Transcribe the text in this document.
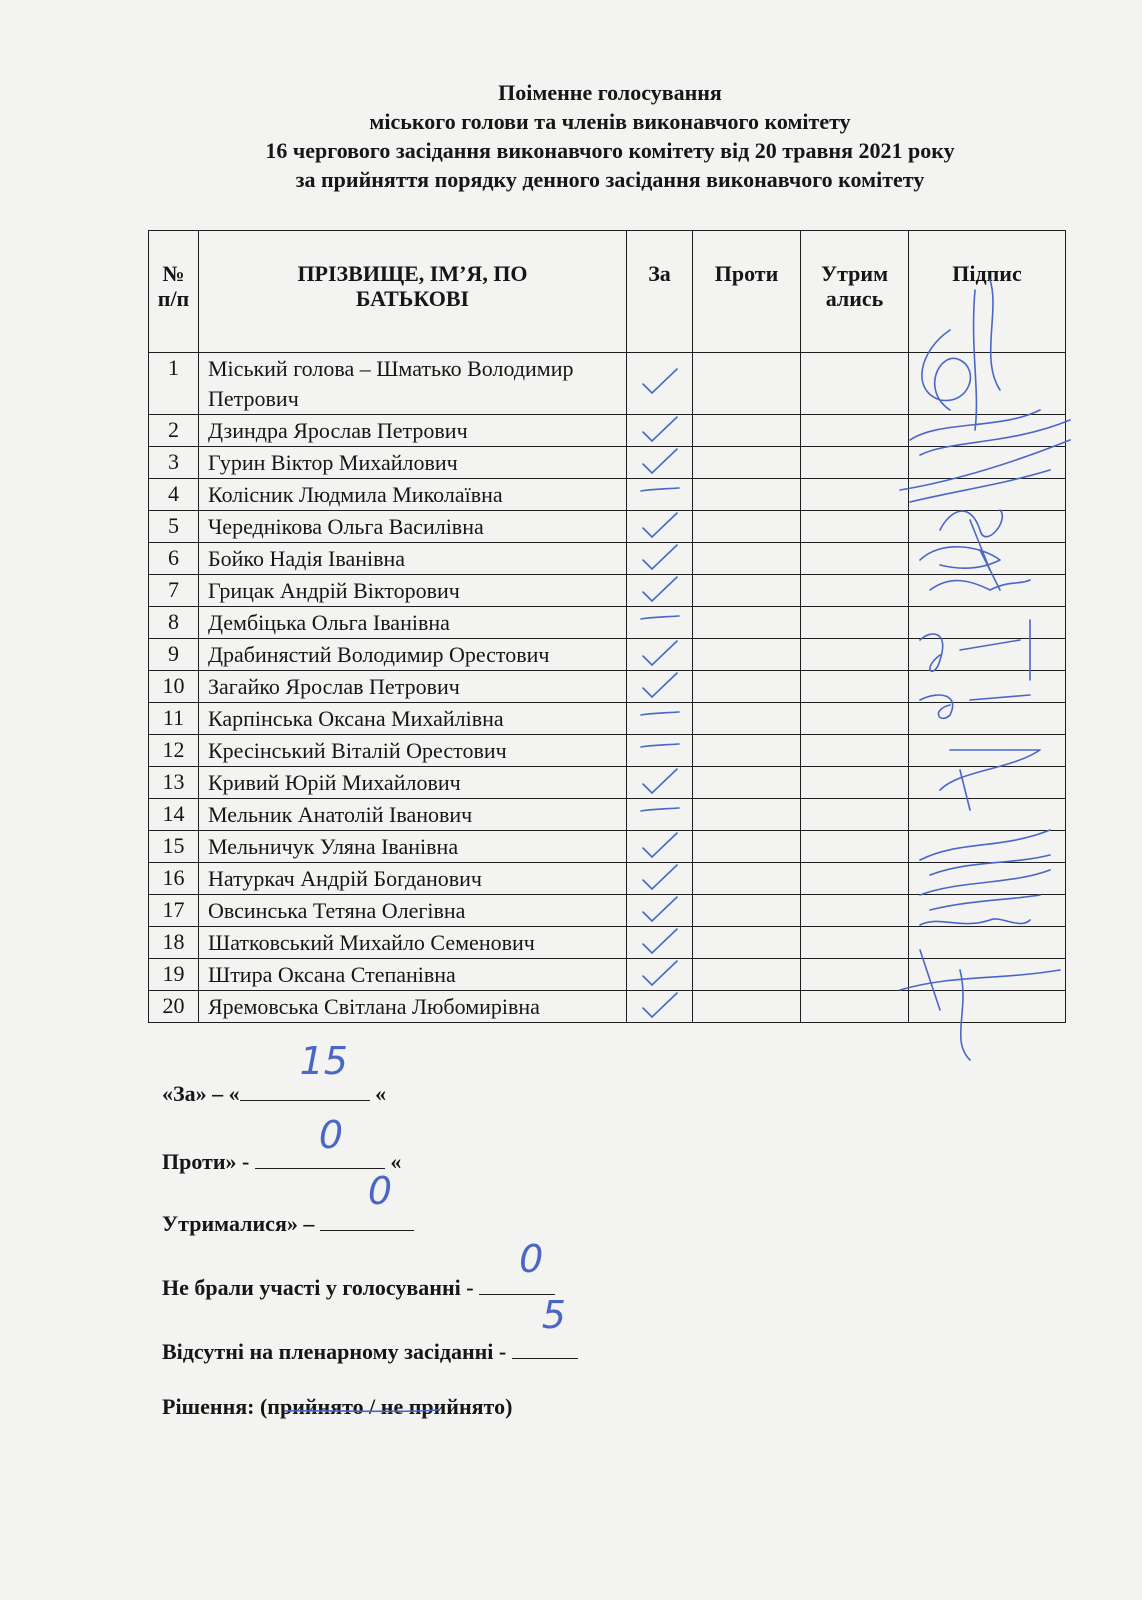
Поіменне голосування
міського голови та членів виконавчого комітету
16 чергового засідання виконавчого комітету від 20 травня 2021 року
за прийняття порядку денного засідання виконавчого комітету
№ п/п	ПРІЗВИЩЕ, ІМ’Я, ПО БАТЬКОВІ	За	Проти	Утрим ались	Підпис
1	Міський голова – Шматько Володимир Петрович	

2	Дзиндра Ярослав Петрович	

3	Гурин Віктор Михайлович	

4	Колісник Людмила Миколаївна	

5	Череднікова Ольга Василівна	

6	Бойко Надія Іванівна	

7	Грицак Андрій Вікторович	

8	Дембіцька Ольга Іванівна	

9	Драбинястий Володимир Орестович	

10	Загайко Ярослав Петрович	

11	Карпінська Оксана Михайлівна	

12	Кресінський Віталій Орестович	

13	Кривий Юрій Михайлович	

14	Мельник Анатолій Іванович	

15	Мельничук Уляна Іванівна	

16	Натуркач Андрій Богданович	

17	Овсинська Тетяна Олегівна	

18	Шатковський Михайло Семенович	

19	Штира Оксана Степанівна	

20	Яремовська Світлана Любомирівна	

«За» – «
15
«
Проти» -
0
«
Утрималися» –
0
Не брали участі у голосуванні -
0
Відсутні на пленарному засіданні -
5
Рішення: (прийнято / не прийнято)
